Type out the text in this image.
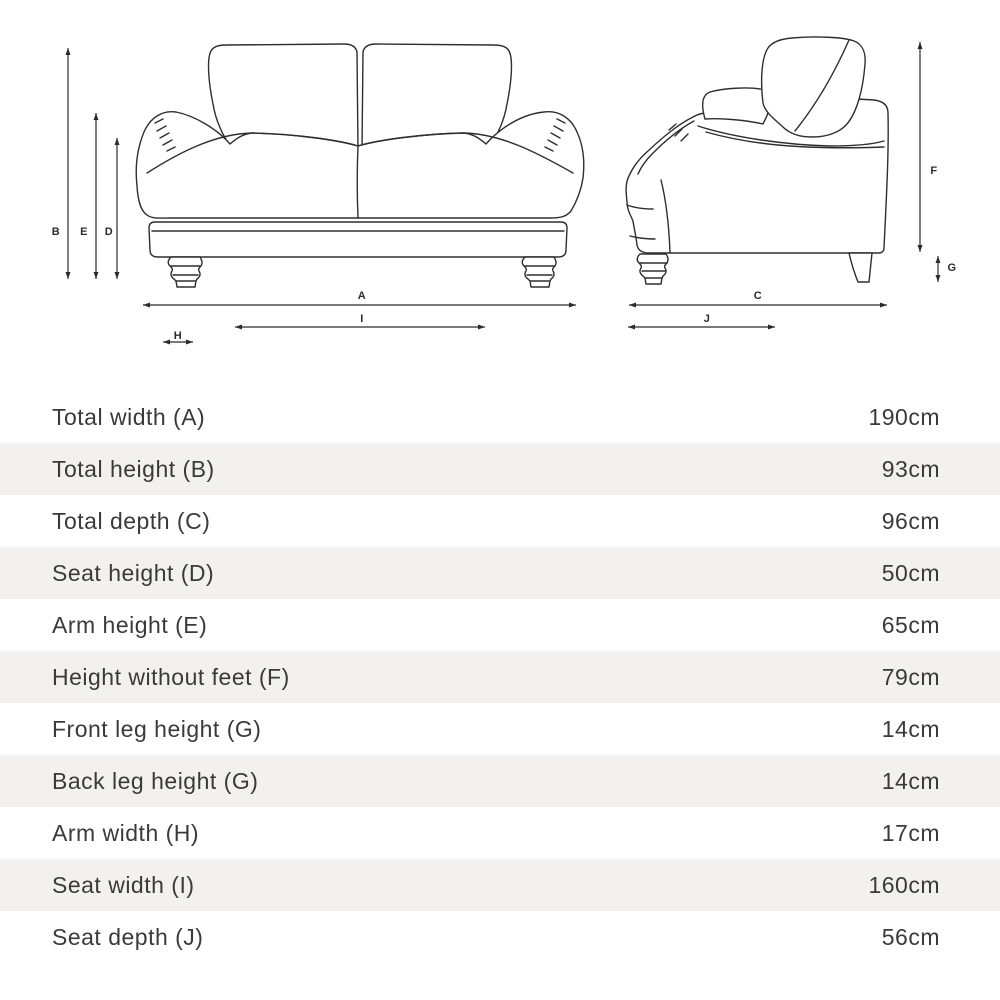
B E D
A
I
H
F
G
C
J
Total width (A)	190cm
Total height (B)	93cm
Total depth (C)	96cm
Seat height (D)	50cm
Arm height (E)	65cm
Height without feet (F)	79cm
Front leg height (G)	14cm
Back leg height (G)	14cm
Arm width (H)	17cm
Seat width (I)	160cm
Seat depth (J)	56cm
